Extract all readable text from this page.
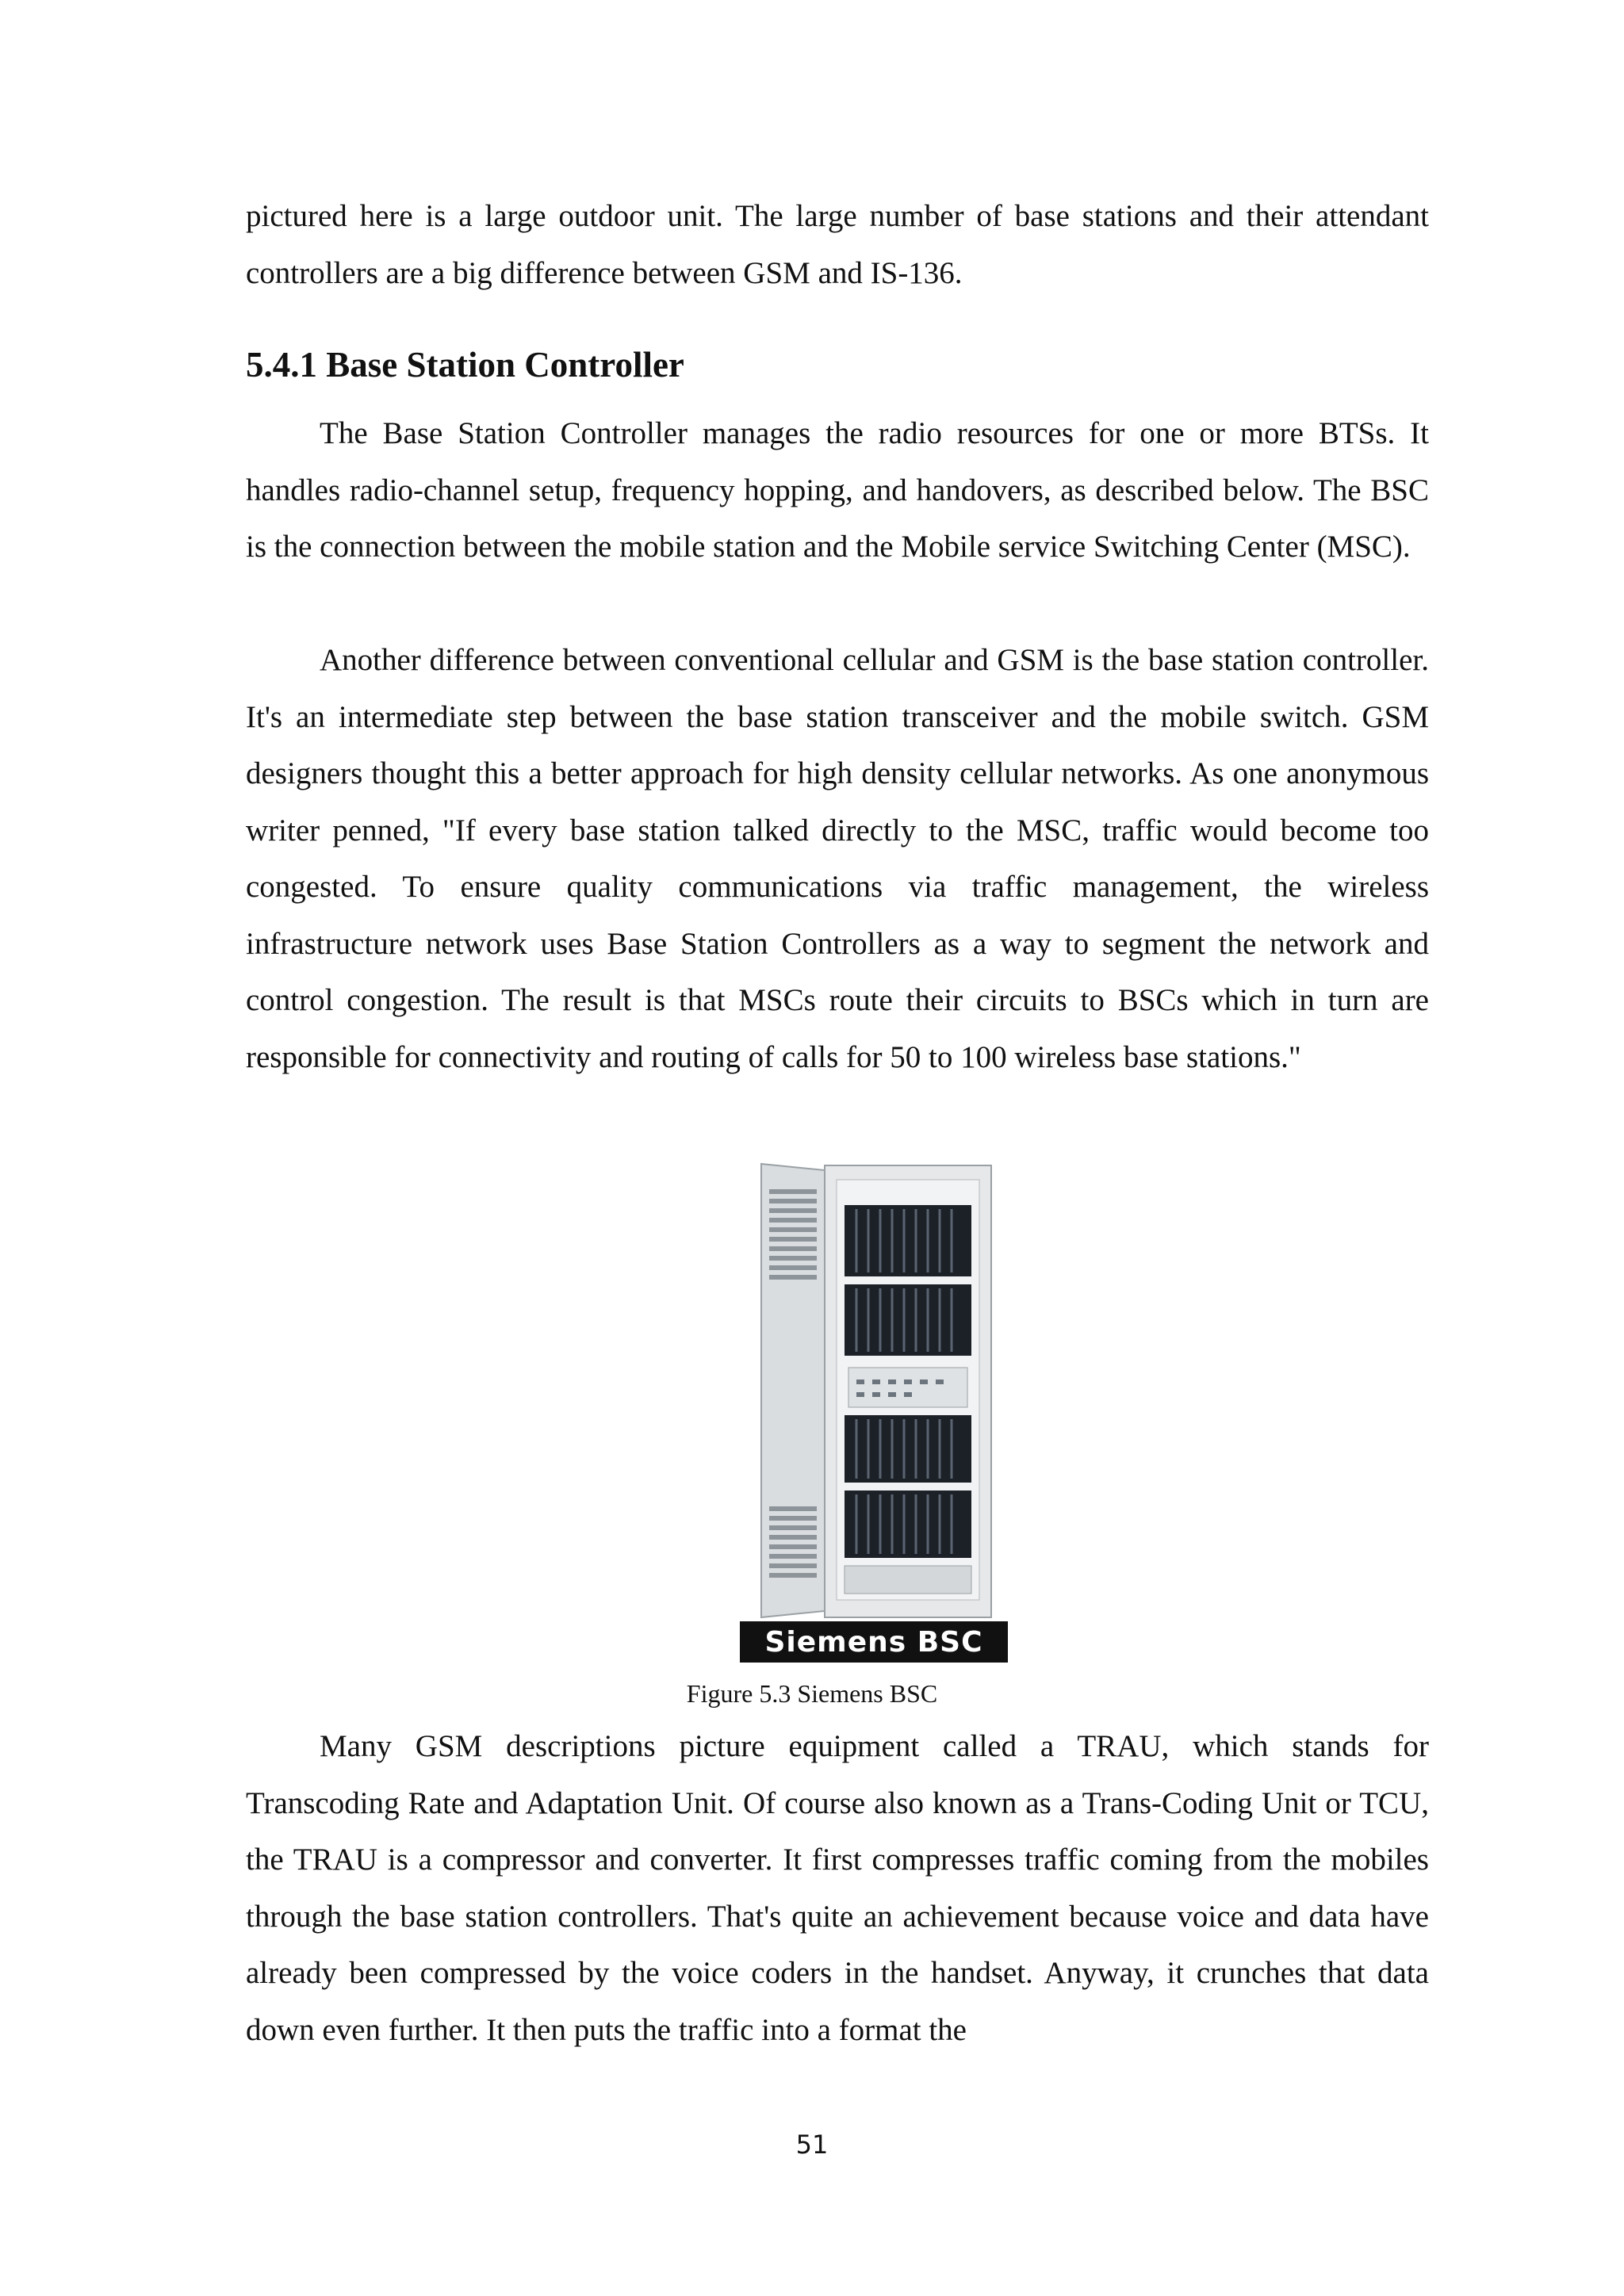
pictured here is a large outdoor unit. The large number of base stations and their attendant controllers are a big difference between GSM and IS-136.

5.4.1 Base Station Controller

The Base Station Controller manages the radio resources for one or more BTSs. It handles radio-channel setup, frequency hopping, and handovers, as described below. The BSC is the connection between the mobile station and the Mobile service Switching Center (MSC).

Another difference between conventional cellular and GSM is the base station controller. It's an intermediate step between the base station transceiver and the mobile switch. GSM designers thought this a better approach for high density cellular networks. As one anonymous writer penned, "If every base station talked directly to the MSC, traffic would become too congested. To ensure quality communications via traffic management, the wireless infrastructure network uses Base Station Controllers as a way to segment the network and control congestion. The result is that MSCs route their circuits to BSCs which in turn are responsible for connectivity and routing of calls for 50 to 100 wireless base stations."

Siemens BSC
Figure 5.3 Siemens BSC

Many GSM descriptions picture equipment called a TRAU, which stands for Transcoding Rate and Adaptation Unit. Of course also known as a Trans-Coding Unit or TCU, the TRAU is a compressor and converter. It first compresses traffic coming from the mobiles through the base station controllers. That's quite an achievement because voice and data have already been compressed by the voice coders in the handset. Anyway, it crunches that data down even further. It then puts the traffic into a format the

51
